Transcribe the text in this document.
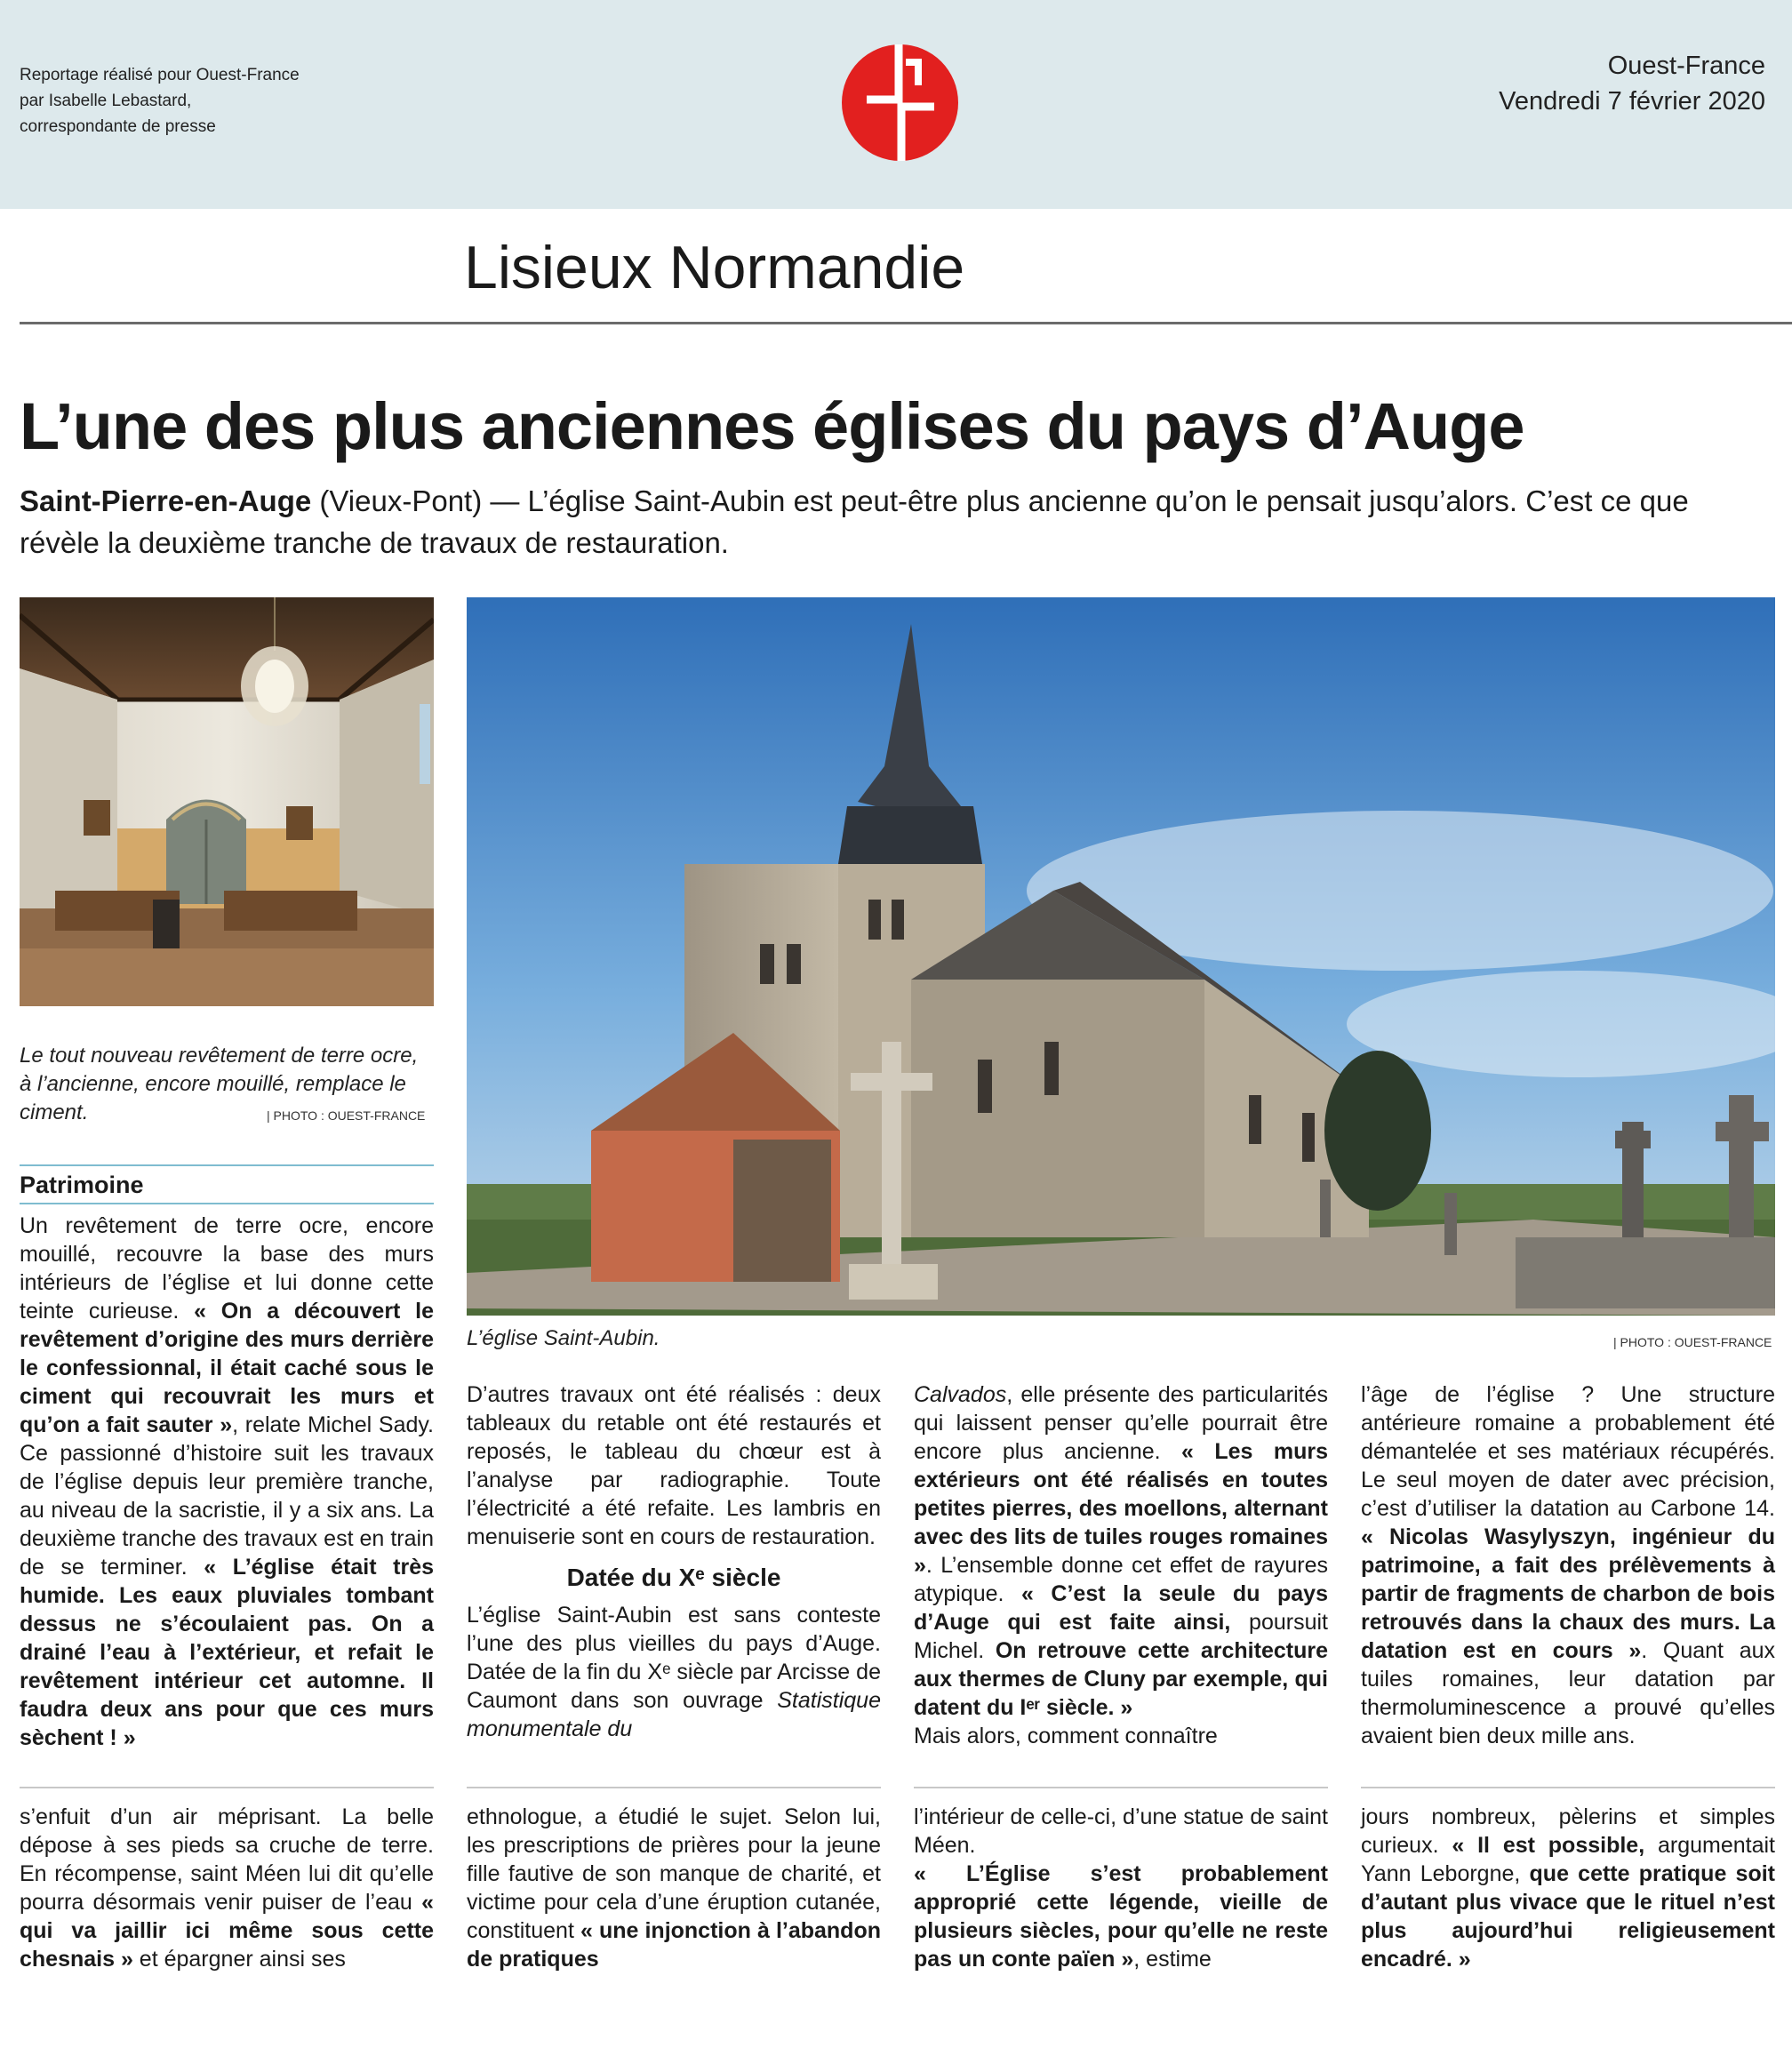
Reportage réalisé pour Ouest-France
par Isabelle Lebastard,
correspondante de presse
Ouest-France
Vendredi 7 février 2020
Lisieux Normandie
L’une des plus anciennes églises du pays d’Auge
Saint-Pierre-en-Auge (Vieux-Pont) — L’église Saint-Aubin est peut-être plus ancienne qu’on le pensait jusqu’alors. C’est ce que révèle la deuxième tranche de travaux de restauration.
Le tout nouveau revêtement de terre ocre, à l’ancienne, encore mouillé, remplace le ciment.	| PHOTO : OUEST-FRANCE
L’église Saint-Aubin.	| PHOTO : OUEST-FRANCE
Patrimoine
Un revêtement de terre ocre, encore mouillé, recouvre la base des murs intérieurs de l’église et lui donne cette teinte curieuse. « On a découvert le revêtement d’origine des murs derrière le confessionnal, il était caché sous le ciment qui recouvrait les murs et qu’on a fait sauter », relate Michel Sady. Ce passionné d’histoire suit les travaux de l’église depuis leur première tranche, au niveau de la sacristie, il y a six ans. La deuxième tranche des travaux est en train de se terminer. « L’église était très humide. Les eaux pluviales tombant dessus ne s’écoulaient pas. On a drainé l’eau à l’extérieur, et refait le revêtement intérieur cet automne. Il faudra deux ans pour que ces murs sèchent ! »
D’autres travaux ont été réalisés : deux tableaux du retable ont été restaurés et reposés, le tableau du chœur est à l’analyse par radiographie. Toute l’électricité a été refaite. Les lambris en menuiserie sont en cours de restauration.
Datée du Xᵉ siècle
L’église Saint-Aubin est sans conteste l’une des plus vieilles du pays d’Auge. Datée de la fin du Xᵉ siècle par Arcisse de Caumont dans son ouvrage Statistique monumentale du
Calvados, elle présente des particularités qui laissent penser qu’elle pourrait être encore plus ancienne. « Les murs extérieurs ont été réalisés en toutes petites pierres, des moellons, alternant avec des lits de tuiles rouges romaines ». L’ensemble donne cet effet de rayures atypique. « C’est la seule du pays d’Auge qui est faite ainsi, poursuit Michel. On retrouve cette architecture aux thermes de Cluny par exemple, qui datent du Iᵉʳ siècle. »
Mais alors, comment connaître
l’âge de l’église ? Une structure antérieure romaine a probablement été démantelée et ses matériaux récupérés. Le seul moyen de dater avec précision, c’est d’utiliser la datation au Carbone 14. « Nicolas Wasylyszyn, ingénieur du patrimoine, a fait des prélèvements à partir de fragments de charbon de bois retrouvés dans la chaux des murs. La datation est en cours ». Quant aux tuiles romaines, leur datation par thermoluminescence a prouvé qu’elles avaient bien deux mille ans.
s’enfuit d’un air méprisant. La belle dépose à ses pieds sa cruche de terre. En récompense, saint Méen lui dit qu’elle pourra désormais venir puiser de l’eau « qui va jaillir ici même sous cette chesnais » et épargner ainsi ses
ethnologue, a étudié le sujet. Selon lui, les prescriptions de prières pour la jeune fille fautive de son manque de charité, et victime pour cela d’une éruption cutanée, constituent « une injonction à l’abandon de pratiques
l’intérieur de celle-ci, d’une statue de saint Méen.
« L’Église s’est probablement approprié cette légende, vieille de plusieurs siècles, pour qu’elle ne reste pas un conte païen », estime
jours nombreux, pèlerins et simples curieux. « Il est possible, argumentait Yann Leborgne, que cette pratique soit d’autant plus vivace que le rituel n’est plus aujourd’hui religieusement encadré. »
